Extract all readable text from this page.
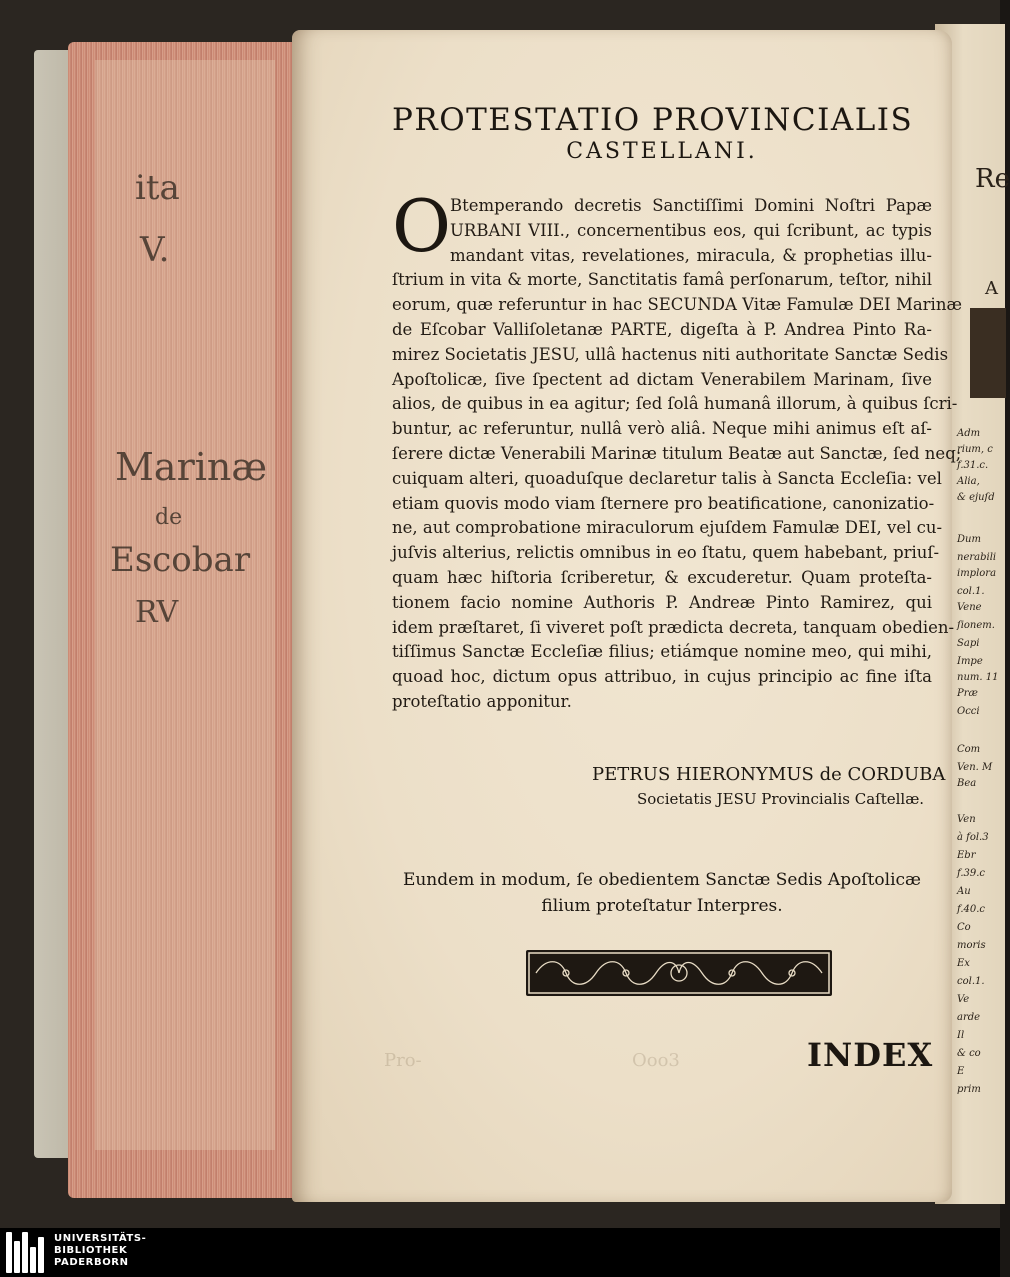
ita
V.
Marinæ
de
Escobar
RV
Re
A
Adm
rium, c
f.31.c.
Alia,
& ejuſd
Dum
nerabili
implora
col.1.
Vene
ſionem.
Sapi
Impe
num. 11
Præ
Occi
Com
Ven. M
Bea
Ven
à fol.3
Ebr
f.39.c
Au
f.40.c
Co
moris
Ex
col.1.
Ve
arde
Il
& co
E
prim
PROTESTATIO PROVINCIALIS
CASTELLANI.
O
Btemperando decretis Sanctiſſimi Domini Noſtri Papæ
URBANI VIII., concernentibus eos, qui ſcribunt, ac typis
mandant vitas, revelationes, miracula, & prophetias illu-
ſtrium in vita & morte, Sanctitatis famâ perſonarum, teſtor, nihil
eorum, quæ referuntur in hac SECUNDA Vitæ Famulæ DEI Marinæ
de Eſcobar Valliſoletanæ PARTE, digeſta à P. Andrea Pinto Ra-
mirez Societatis JESU, ullâ hactenus niti authoritate Sanctæ Sedis
Apoſtolicæ, ſive ſpectent ad dictam Venerabilem Marinam, ſive
alios, de quibus in ea agitur; ſed ſolâ humanâ illorum, à quibus ſcri-
buntur, ac referuntur, nullâ verò aliâ. Neque mihi animus eſt aſ-
ſerere dictæ Venerabili Marinæ titulum Beatæ aut Sanctæ, ſed neq;
cuiquam alteri, quoaduſque declaretur talis à Sancta Eccleſia: vel
etiam quovis modo viam ſternere pro beatificatione, canonizatio-
ne, aut comprobatione miraculorum ejuſdem Famulæ DEI, vel cu-
juſvis alterius, relictis omnibus in eo ſtatu, quem habebant, priuſ-
quam hæc hiſtoria ſcriberetur, & excuderetur. Quam proteſta-
tionem facio nomine Authoris P. Andreæ Pinto Ramirez, qui
idem præſtaret, ſi viveret poſt prædicta decreta, tanquam obedien-
tiſſimus Sanctæ Eccleſiæ filius; etiámque nomine meo, qui mihi,
quoad hoc, dictum opus attribuo, in cujus principio ac fine iſta
proteſtatio apponitur.
PETRUS HIERONYMUS de CORDUBA
Societatis JESU Provincialis Caſtellæ.
Eundem in modum, ſe obedientem Sanctæ Sedis Apoſtolicæ
filium proteſtatur Interpres.
Pro-	Ooo3	INDEX
UNIVERSITÄTS-
BIBLIOTHEK
PADERBORN
